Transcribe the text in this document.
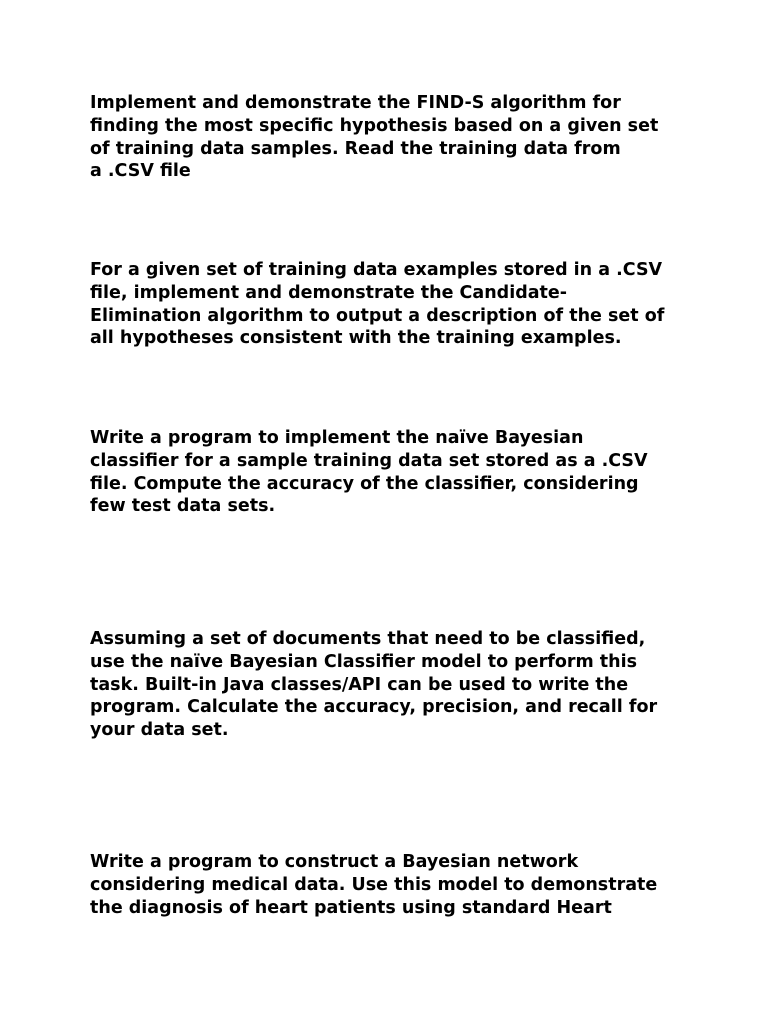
Implement and demonstrate the FIND-S algorithm for
finding the most specific hypothesis based on a given set
of training data samples. Read the training data from
a .CSV file

For a given set of training data examples stored in a .CSV
file, implement and demonstrate the Candidate-
Elimination algorithm to output a description of the set of
all hypotheses consistent with the training examples.

Write a program to implement the naïve Bayesian
classifier for a sample training data set stored as a .CSV
file. Compute the accuracy of the classifier, considering
few test data sets.

Assuming a set of documents that need to be classified,
use the naïve Bayesian Classifier model to perform this
task. Built-in Java classes/API can be used to write the
program. Calculate the accuracy, precision, and recall for
your data set.

Write a program to construct a Bayesian network
considering medical data. Use this model to demonstrate
the diagnosis of heart patients using standard Heart
